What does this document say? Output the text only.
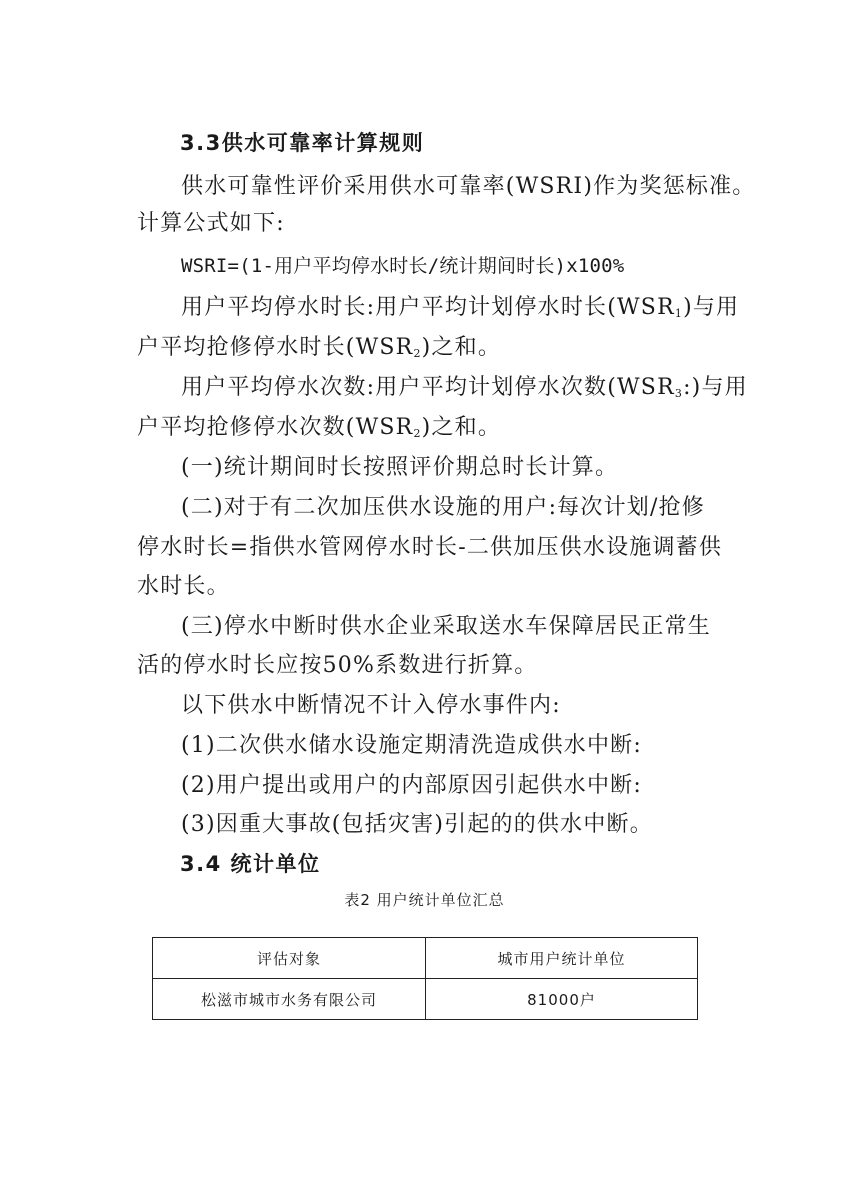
3.3供水可靠率计算规则

供水可靠性评价采用供水可靠率(WSRI)作为奖惩标准。

计算公式如下:

WSRI=(1-用户平均停水时长/统计期间时长)x100%

用户平均停水时长:用户平均计划停水时长$(WSR_1)$与用

户平均抢修停水时长$(WSR_2)$之和。

用户平均停水次数:用户平均计划停水次数$(WSR_3:)$与用

户平均抢修停水次数$(WSR_2)$之和。

(一)统计期间时长按照评价期总时长计算。

(二)对于有二次加压供水设施的用户:每次计划/抢修

停水时长=指供水管网停水时长-二供加压供水设施调蓄供

水时长。

(三)停水中断时供水企业采取送水车保障居民正常生

活的停水时长应按50%系数进行折算。

以下供水中断情况不计入停水事件内:

(1)二次供水储水设施定期清洗造成供水中断:

(2)用户提出或用户的内部原因引起供水中断:

(3)因重大事故(包括灾害)引起的的供水中断。

3.4 统计单位

表2 用户统计单位汇总
评估对象	城市用户统计单位
松滋市城市水务有限公司	81000户
